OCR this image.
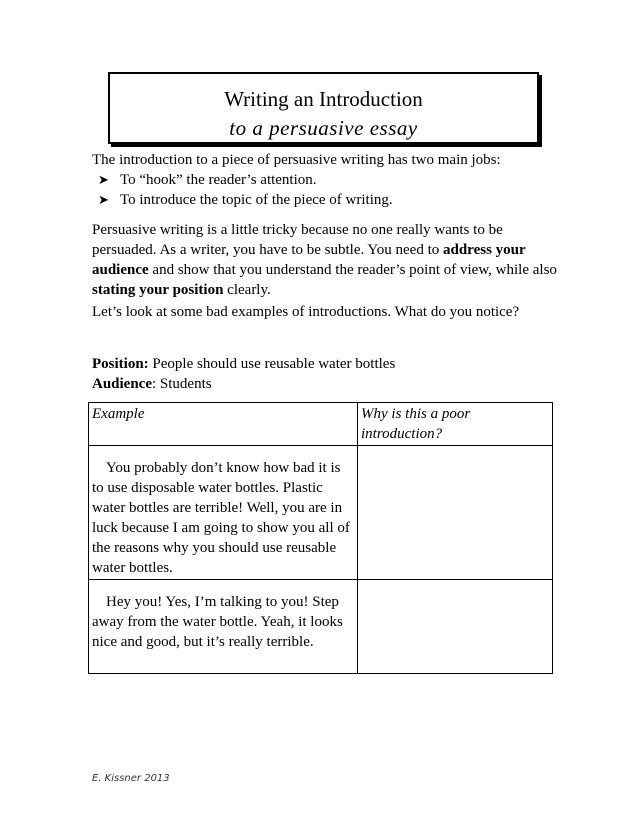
Writing an Introduction
to a persuasive essay
The introduction to a piece of persuasive writing has two main jobs:
➤ To “hook” the reader’s attention.
➤ To introduce the topic of the piece of writing.
Persuasive writing is a little tricky because no one really wants to be persuaded. As a writer, you have to be subtle. You need to address your audience and show that you understand the reader’s point of view, while also stating your position clearly.
Let’s look at some bad examples of introductions. What do you notice?
Position: People should use reusable water bottles
Audience: Students
Example	Why is this a poor introduction?

You probably don’t know how bad it is to use disposable water bottles. Plastic water bottles are terrible! Well, you are in luck because I am going to show you all of the reasons why you should use reusable water bottles.	

Hey you! Yes, I’m talking to you! Step away from the water bottle. Yeah, it looks nice and good, but it’s really terrible.	

E. Kissner 2013
